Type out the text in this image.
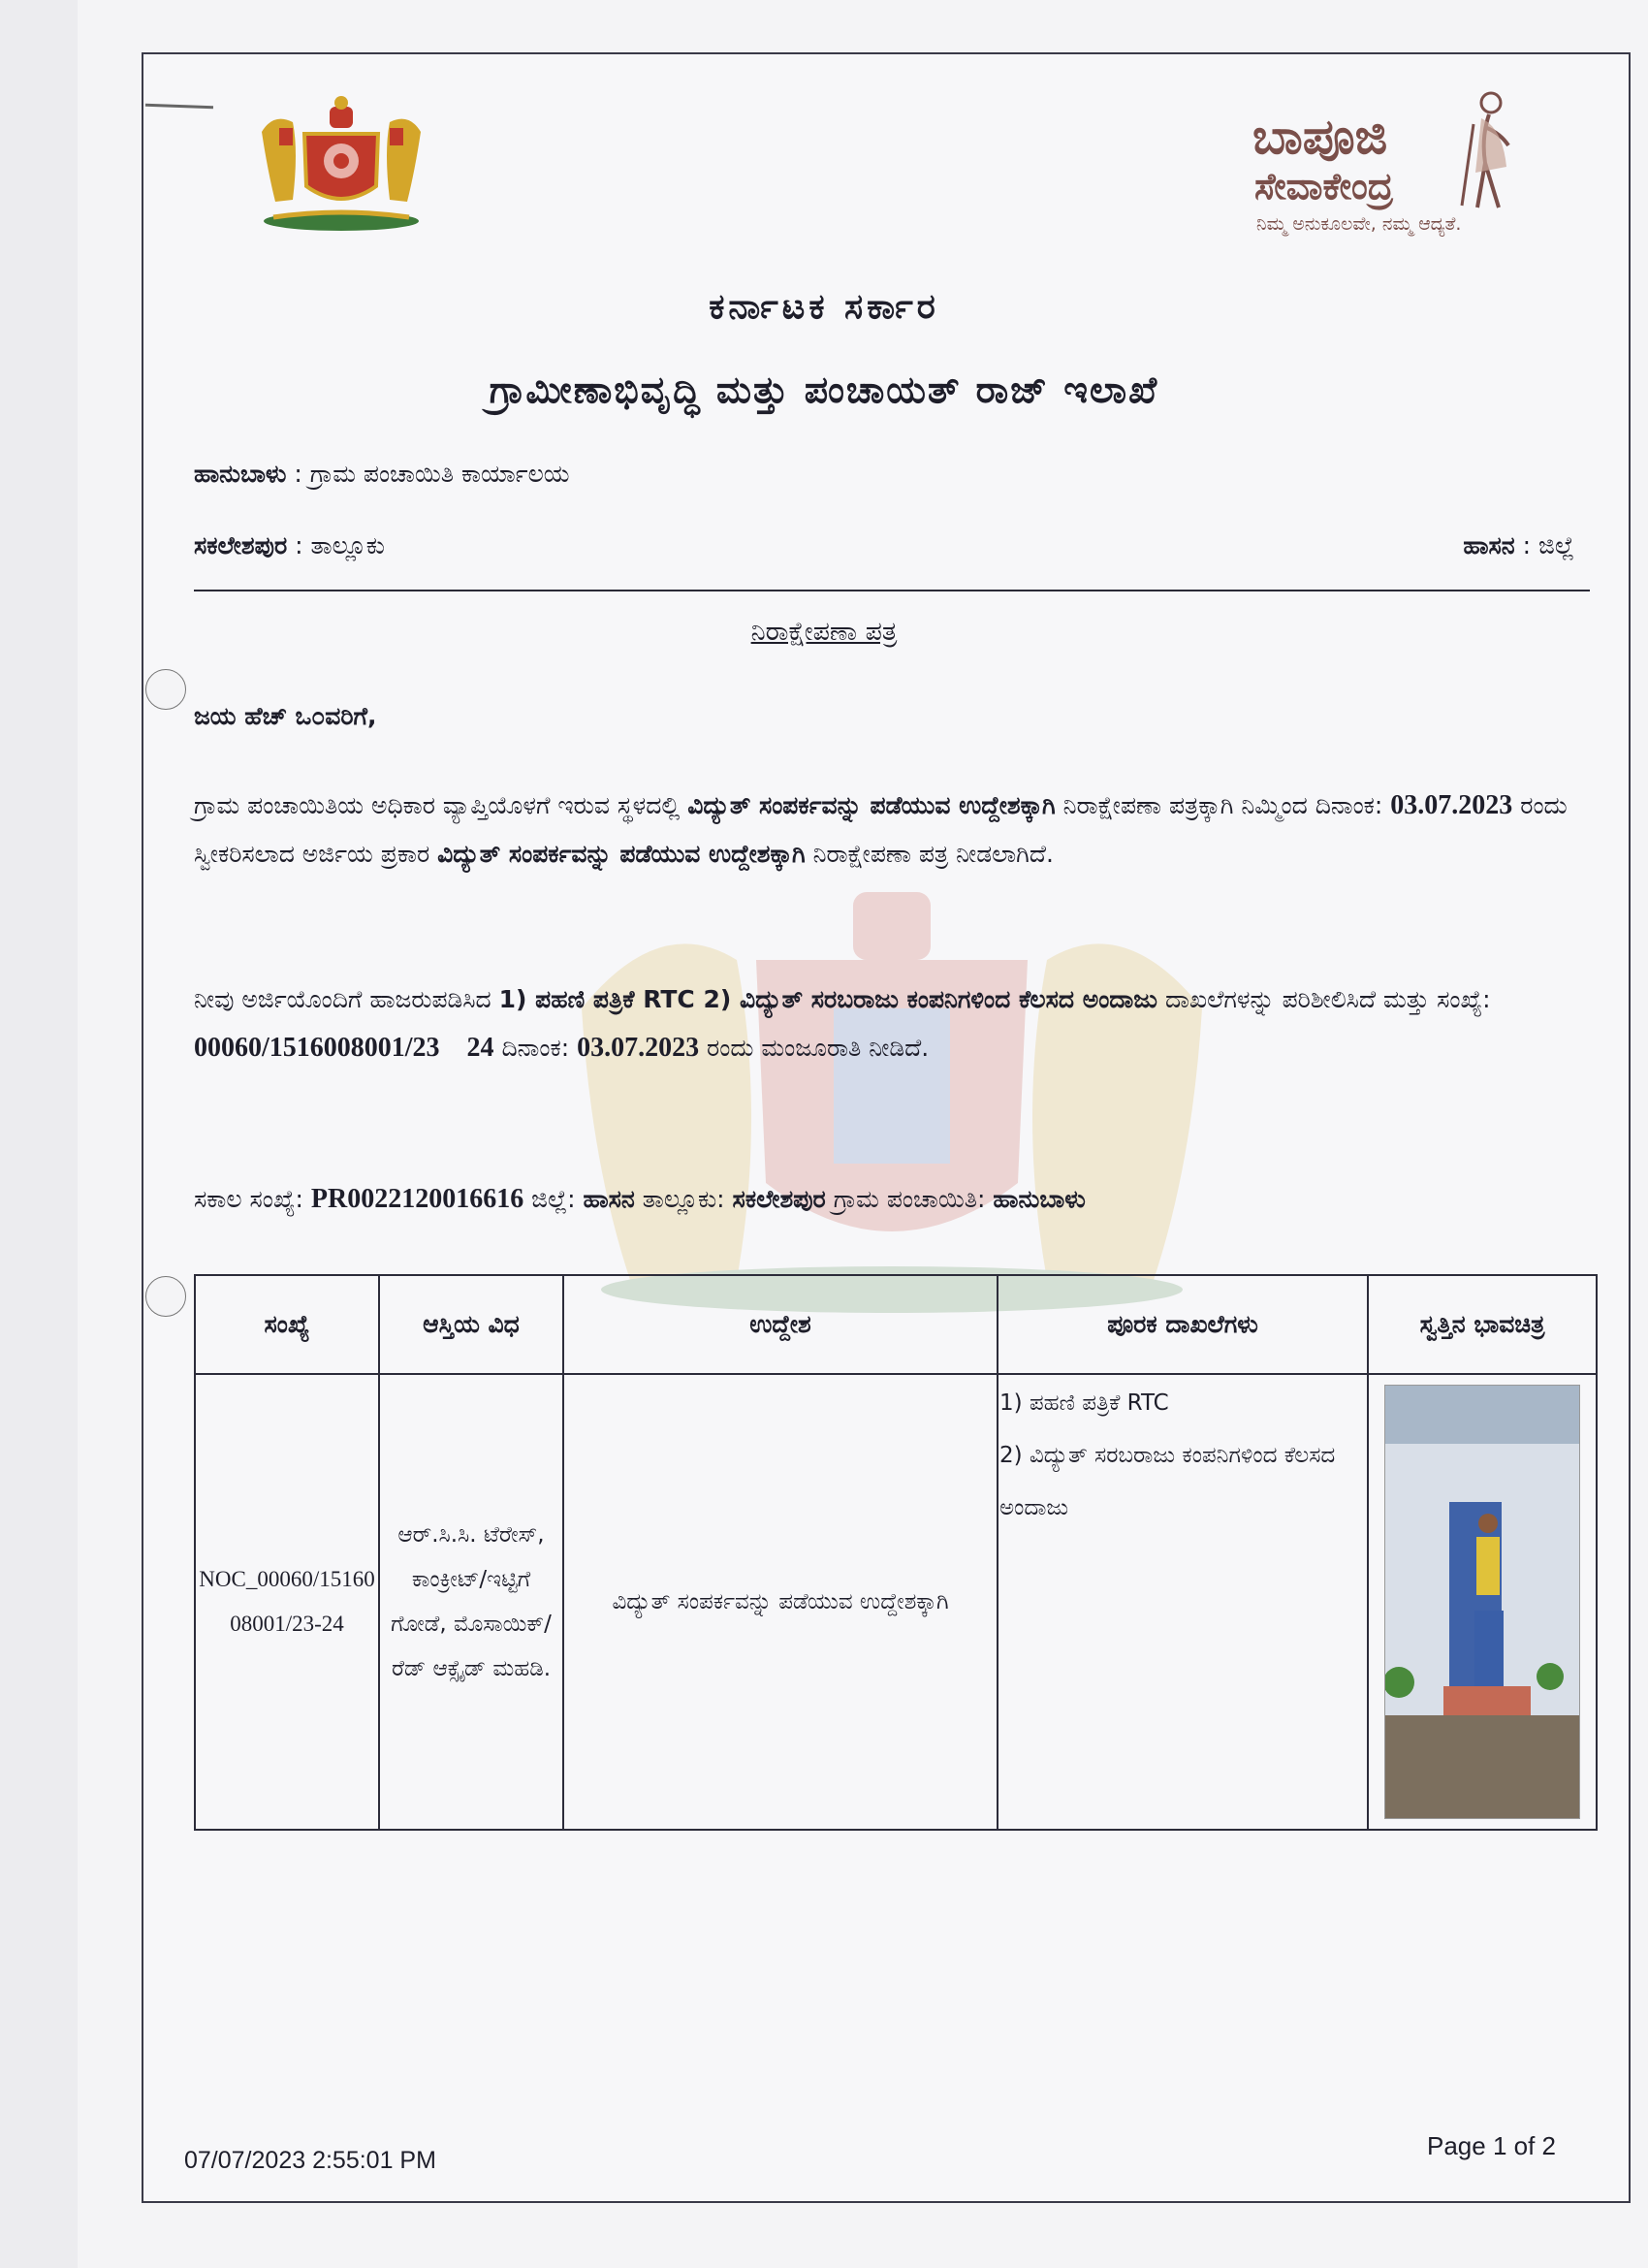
ಬಾಪೂಜಿ
ಸೇವಾಕೇಂದ್ರ
ನಿಮ್ಮ ಅನುಕೂಲವೇ, ನಮ್ಮ ಆದ್ಯತೆ.
ಕರ್ನಾಟಕ ಸರ್ಕಾರ
ಗ್ರಾಮೀಣಾಭಿವೃದ್ಧಿ ಮತ್ತು ಪಂಚಾಯತ್ ರಾಜ್ ಇಲಾಖೆ
ಹಾನುಬಾಳು : ಗ್ರಾಮ ಪಂಚಾಯಿತಿ ಕಾರ್ಯಾಲಯ
ಸಕಲೇಶಪುರ : ತಾಲ್ಲೂಕು	ಹಾಸನ : ಜಿಲ್ಲೆ
ನಿರಾಕ್ಷೇಪಣಾ ಪತ್ರ
ಜಯ ಹೆಚ್ ಒ೦ವರಿಗೆ,
ಗ್ರಾಮ ಪಂಚಾಯಿತಿಯ ಅಧಿಕಾರ ವ್ಯಾಪ್ತಿಯೊಳಗೆ ಇರುವ ಸ್ಥಳದಲ್ಲಿ ವಿದ್ಯುತ್ ಸಂಪರ್ಕವನ್ನು ಪಡೆಯುವ ಉದ್ದೇಶಕ್ಕಾಗಿ ನಿರಾಕ್ಷೇಪಣಾ ಪತ್ರಕ್ಕಾಗಿ ನಿಮ್ಮಿಂದ ದಿನಾಂಕ: 03.07.2023 ರಂದು ಸ್ವೀಕರಿಸಲಾದ ಅರ್ಜಿಯ ಪ್ರಕಾರ ವಿದ್ಯುತ್ ಸಂಪರ್ಕವನ್ನು ಪಡೆಯುವ ಉದ್ದೇಶಕ್ಕಾಗಿ ನಿರಾಕ್ಷೇಪಣಾ ಪತ್ರ ನೀಡಲಾಗಿದೆ.
ನೀವು ಅರ್ಜಿಯೊಂದಿಗೆ ಹಾಜರುಪಡಿಸಿದ 1) ಪಹಣಿ ಪತ್ರಿಕೆ RTC 2) ವಿದ್ಯುತ್ ಸರಬರಾಜು ಕಂಪನಿಗಳಿಂದ ಕೆಲಸದ ಅಂದಾಜು ದಾಖಲೆಗಳನ್ನು ಪರಿಶೀಲಿಸಿದೆ ಮತ್ತು ಸಂಖ್ಯೆ: 00060/1516008001/23    24 ದಿನಾಂಕ: 03.07.2023 ರಂದು ಮಂಜೂರಾತಿ ನೀಡಿದೆ.
ಸಕಾಲ ಸಂಖ್ಯೆ: PR0022120016616 ಜಿಲ್ಲೆ: ಹಾಸನ ತಾಲ್ಲೂಕು: ಸಕಲೇಶಪುರ ಗ್ರಾಮ ಪಂಚಾಯಿತಿ: ಹಾನುಬಾಳು
ಸಂಖ್ಯೆ	ಆಸ್ತಿಯ ವಿಧ	ಉದ್ದೇಶ	ಪೂರಕ ದಾಖಲೆಗಳು	ಸ್ವತ್ತಿನ ಭಾವಚಿತ್ರ
NOC_00060/1516008001/23-24	ಆರ್.ಸಿ.ಸಿ. ಟೆರೇಸ್, ಕಾಂಕ್ರೀಟ್/ಇಟ್ಟಿಗೆ ಗೋಡೆ, ಮೊಸಾಯಿಕ್/ರೆಡ್ ಆಕ್ಸೈಡ್ ಮಹಡಿ.	ವಿದ್ಯುತ್ ಸಂಪರ್ಕವನ್ನು ಪಡೆಯುವ ಉದ್ದೇಶಕ್ಕಾಗಿ	1) ಪಹಣಿ ಪತ್ರಿಕೆ RTC
2) ವಿದ್ಯುತ್ ಸರಬರಾಜು ಕಂಪನಿಗಳಿಂದ ಕೆಲಸದ ಅಂದಾಜು

07/07/2023 2:55:01 PM	Page 1 of 2
